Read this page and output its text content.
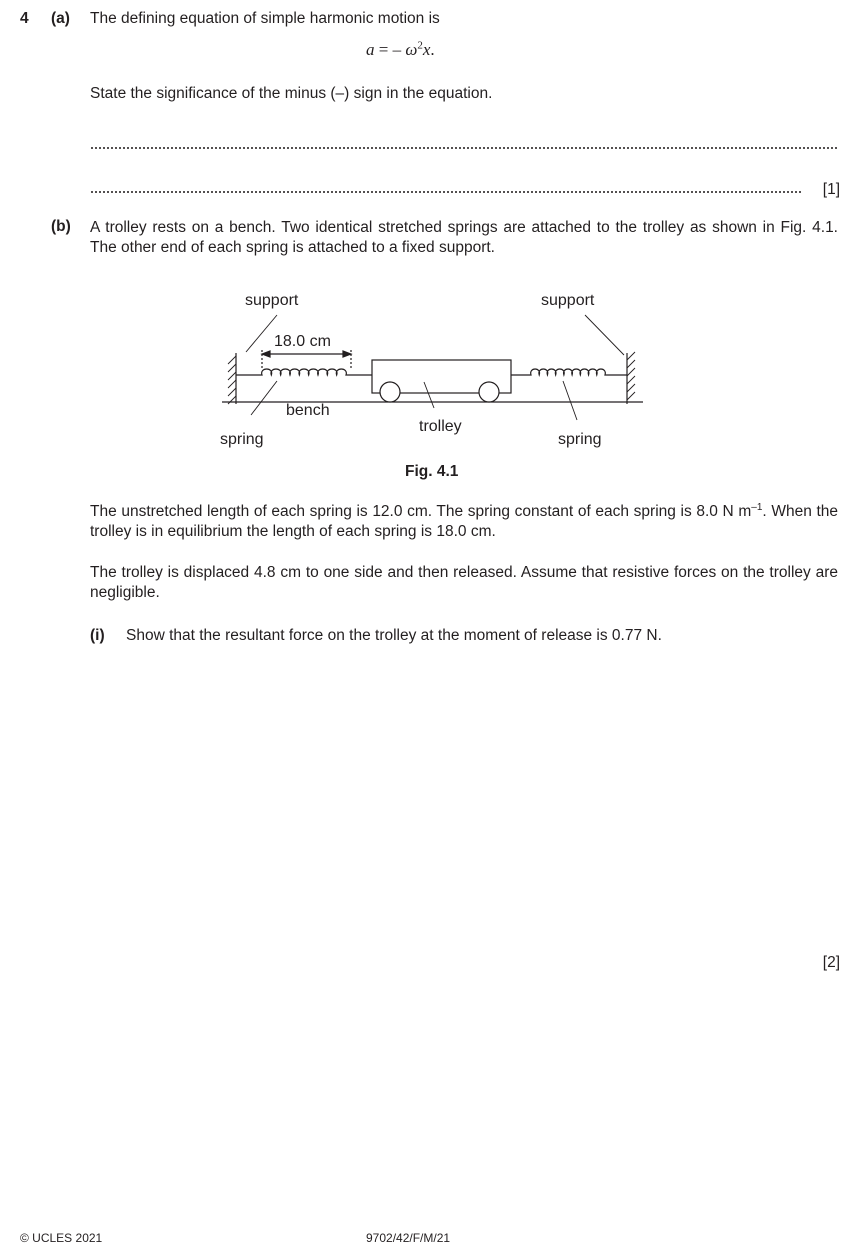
4 (a) The defining equation of simple harmonic motion is
a = – $\omega^2x$.
State the significance of the minus (–) sign in the equation.
[1]
(b) A trolley rests on a bench. Two identical stretched springs are attached to the trolley as shown in Fig. 4.1. The other end of each spring is attached to a fixed support.
support	support
18.0 cm
bench
trolley
spring	spring
Fig. 4.1
The unstretched length of each spring is 12.0 cm. The spring constant of each spring is 8.0 N $m^{-1}$. When the trolley is in equilibrium the length of each spring is 18.0 cm.
The trolley is displaced 4.8 cm to one side and then released. Assume that resistive forces on the trolley are negligible.
(i) Show that the resultant force on the trolley at the moment of release is 0.77 N.
[2]
© UCLES 2021	9702/42/F/M/21
